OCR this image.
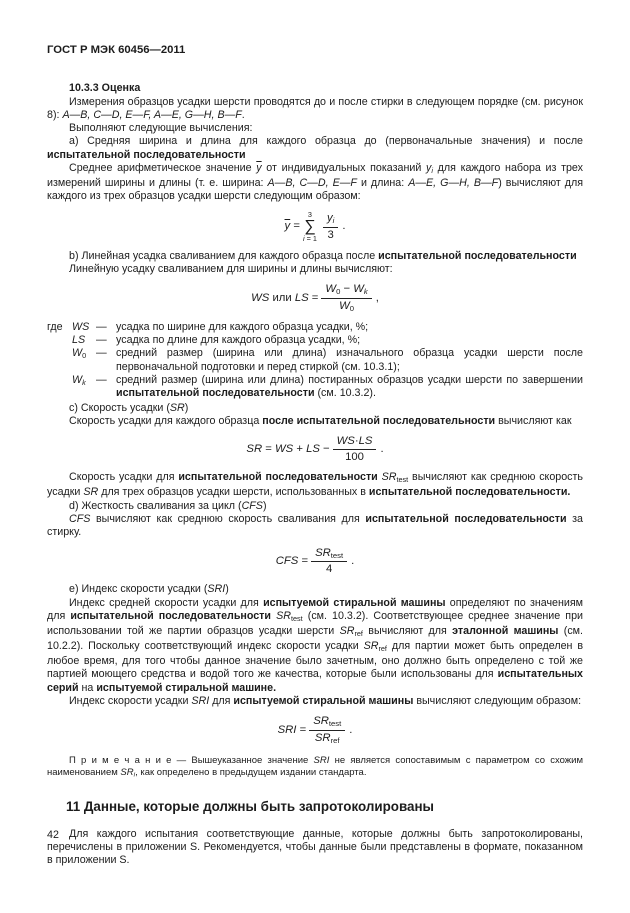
ГОСТ Р МЭК 60456—2011

10.3.3 Оценка

Измерения образцов усадки шерсти проводятся до и после стирки в следующем порядке (см. рисунок 8): A—B, C—D, E—F, A—E, G—H, B—F.

Выполняют следующие вычисления:

а) Средняя ширина и длина для каждого образца до (первоначальные значения) и после испытательной последовательности

Среднее арифметическое значение $\overline{y}$ от индивидуальных показаний $y_i$ для каждого набора из трех измерений ширины и длины (т. е. ширина: A—B, C—D, E—F и длина: A—E, G—H, B—F) вычисляют для каждого из трех образцов усадки шерсти следующим образом:

$\overline{y}$ =
3
∑
$i = 1 \frac{y_i}{3}$ .

b) Линейная усадка сваливанием для каждого образца после испытательной последовательности

Линейную усадку сваливанием для ширины и длины вычисляют:

WS или LS = $\frac{W_0 - W_k}{W_0}$ ,
где WS — усадка по ширине для каждого образца усадки, %;
LS	— усадка по длине для каждого образца усадки, %;
$W_0$ — средний размер (ширина или длина) изначального образца усадки шерсти после первоначальной подготовки и перед стиркой (см. 10.3.1);
$W_k$ — средний размер (ширина или длина) постиранных образцов усадки шерсти по завершении испытательной последовательности (см. 10.3.2).

с) Скорость усадки (SR)

Скорость усадки для каждого образца после испытательной последовательности вычисляют как

SR = WS + LS − $\frac{WS\cdot LS}{100}$ .

Скорость усадки для испытательной последовательности $SR_{test}$ вычисляют как среднюю скорость усадки SR для трех образцов усадки шерсти, использованных в испытательной последовательности.

d) Жесткость сваливания за цикл (CFS)

CFS вычисляют как среднюю скорость сваливания для испытательной последовательности за стирку.

CFS = $\frac{SR_{test}}{4}$ .

е) Индекс скорости усадки (SRI)

Индекс средней скорости усадки для испытуемой стиральной машины определяют по значениям для испытательной последовательности $SR_{test}$ (см. 10.3.2). Соответствующее среднее значение при использовании той же партии образцов усадки шерсти $SR_{ref}$ вычисляют для эталонной машины (см. 10.2.2). Поскольку соответствующий индекс скорости усадки $SR_{ref}$ для партии может быть определен в любое время, для того чтобы данное значение было зачетным, оно должно быть определено с той же партией моющего средства и водой того же качества, которые были использованы для испытательных серий на испытуемой стиральной машине.

Индекс скорости усадки SRI для испытуемой стиральной машины вычисляют следующим образом:

SRI = $\frac{SR_{test}}{SR_{ref}}$ .

П р и м е ч а н и е — Вышеуказанное значение SRI не является сопоставимым с параметром со схожим наименованием $SR_i$, как определено в предыдущем издании стандарта.

11 Данные, которые должны быть запротоколированы

Для каждого испытания соответствующие данные, которые должны быть запротоколированы, перечислены в приложении S. Рекомендуется, чтобы данные были представлены в формате, показанном в приложении S.

42
